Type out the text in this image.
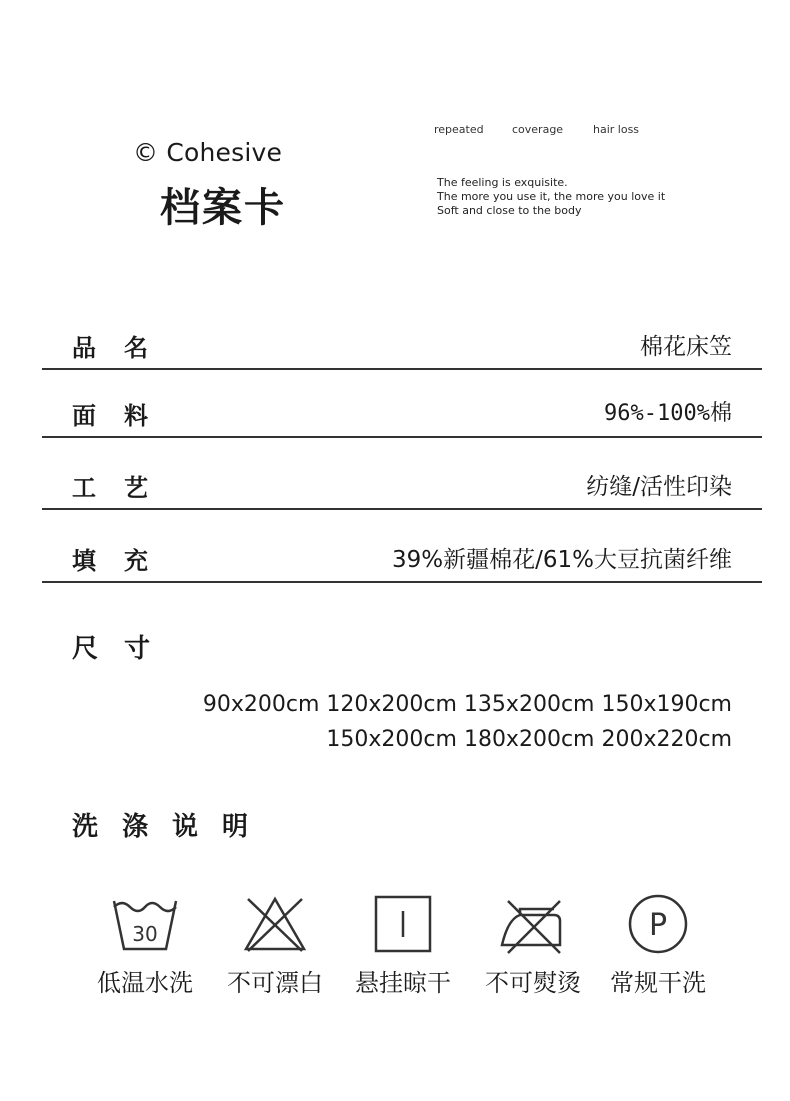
© Cohesive
档案卡
repeated	coverage	hair loss
The feeling is exquisite.
The more you use it, the more you love it
Soft and close to the body
品名	棉花床笠
面料	96%-100%棉
工艺	纺缝/活性印染
填充	39%新疆棉花/61%大豆抗菌纤维
尺寸
90x200cm 120x200cm 135x200cm 150x190cm
150x200cm 180x200cm 200x220cm
洗涤说明
30
低温水洗	不可漂白	悬挂晾干	不可熨烫
P
常规干洗
